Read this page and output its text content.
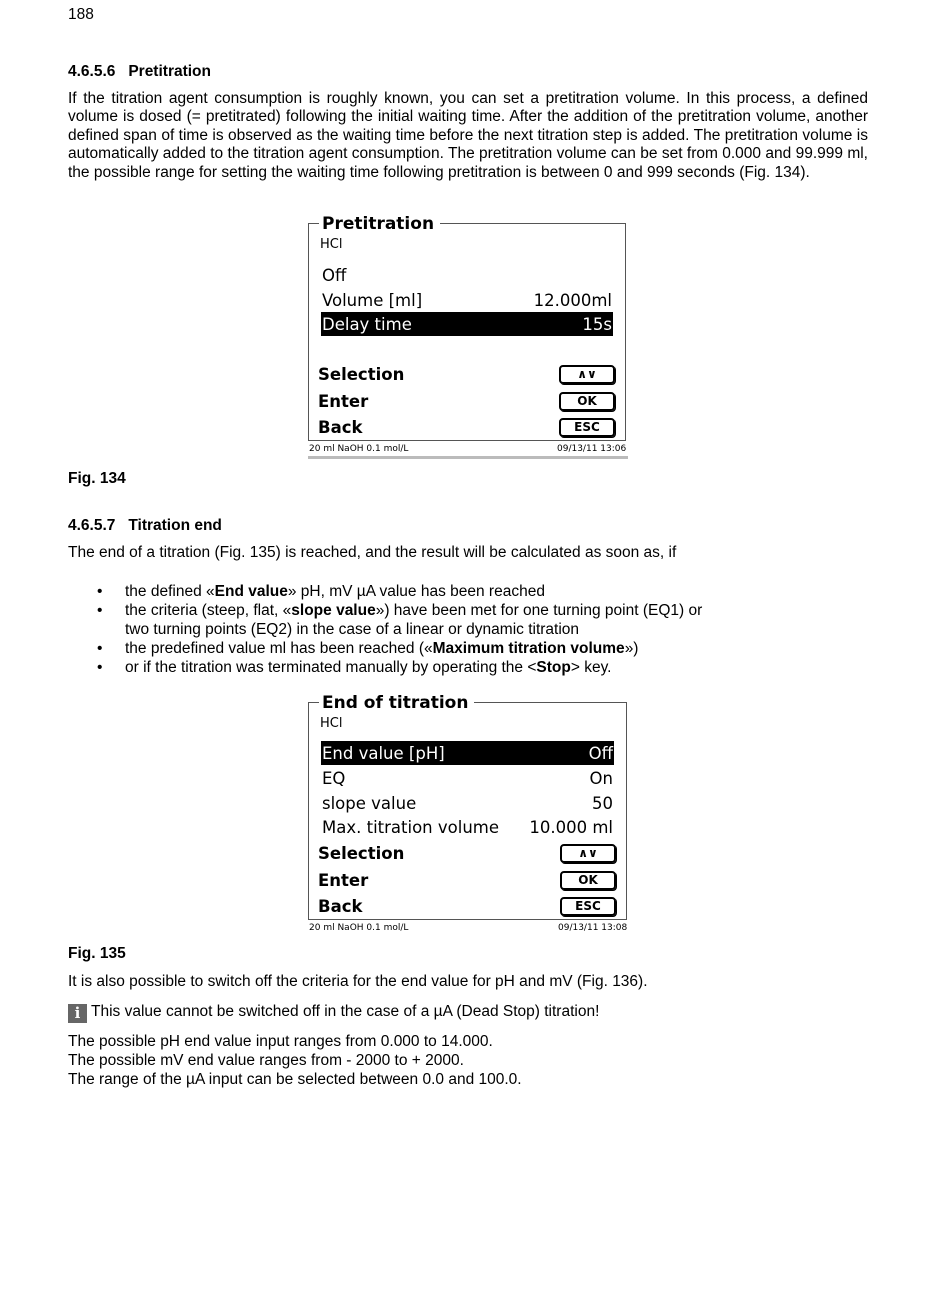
188
4.6.5.6   Pretitration
If the titration agent consumption is roughly known, you can set a pretitration volume. In this process, a defined volume is dosed (= pretitrated) following the initial waiting time. After the addition of the pretitration volume, another defined span of time is observed as the waiting time before the next titration step is added. The pretitration volume is automatically added to the titration agent consumption. The pretitration volume can be set from 0.000 and 99.999 ml, the possible range for setting the waiting time following pretitration is between 0 and 999 seconds (Fig. 134).
Pretitration
HCl
Off
Volume [ml]	12.000ml
Delay time	15s
Selection	∧∨
Enter	OK
Back	ESC
20 ml NaOH 0.1 mol/L	09/13/11 13:06
Fig. 134
4.6.5.7   Titration end
The end of a titration (Fig. 135) is reached, and the result will be calculated as soon as, if
• the defined «End value» pH, mV µA value has been reached
• the criteria (steep, flat, «slope value») have been met for one turning point (EQ1) or two turning points (EQ2) in the case of a linear or dynamic titration
• the predefined value ml has been reached («Maximum titration volume»)
• or if the titration was terminated manually by operating the <Stop> key.
End of titration
HCl
End value [pH]	Off
EQ	On
slope value	50
Max. titration volume 10.000 ml
Selection	∧∨
Enter	OK
Back	ESC
20 ml NaOH 0.1 mol/L	09/13/11 13:08
Fig. 135
It is also possible to switch off the criteria for the end value for pH and mV (Fig. 136).
i This value cannot be switched off in the case of a µA (Dead Stop) titration!
The possible pH end value input ranges from 0.000 to 14.000.
The possible mV end value ranges from - 2000 to + 2000.
The range of the µA input can be selected between 0.0 and 100.0.
